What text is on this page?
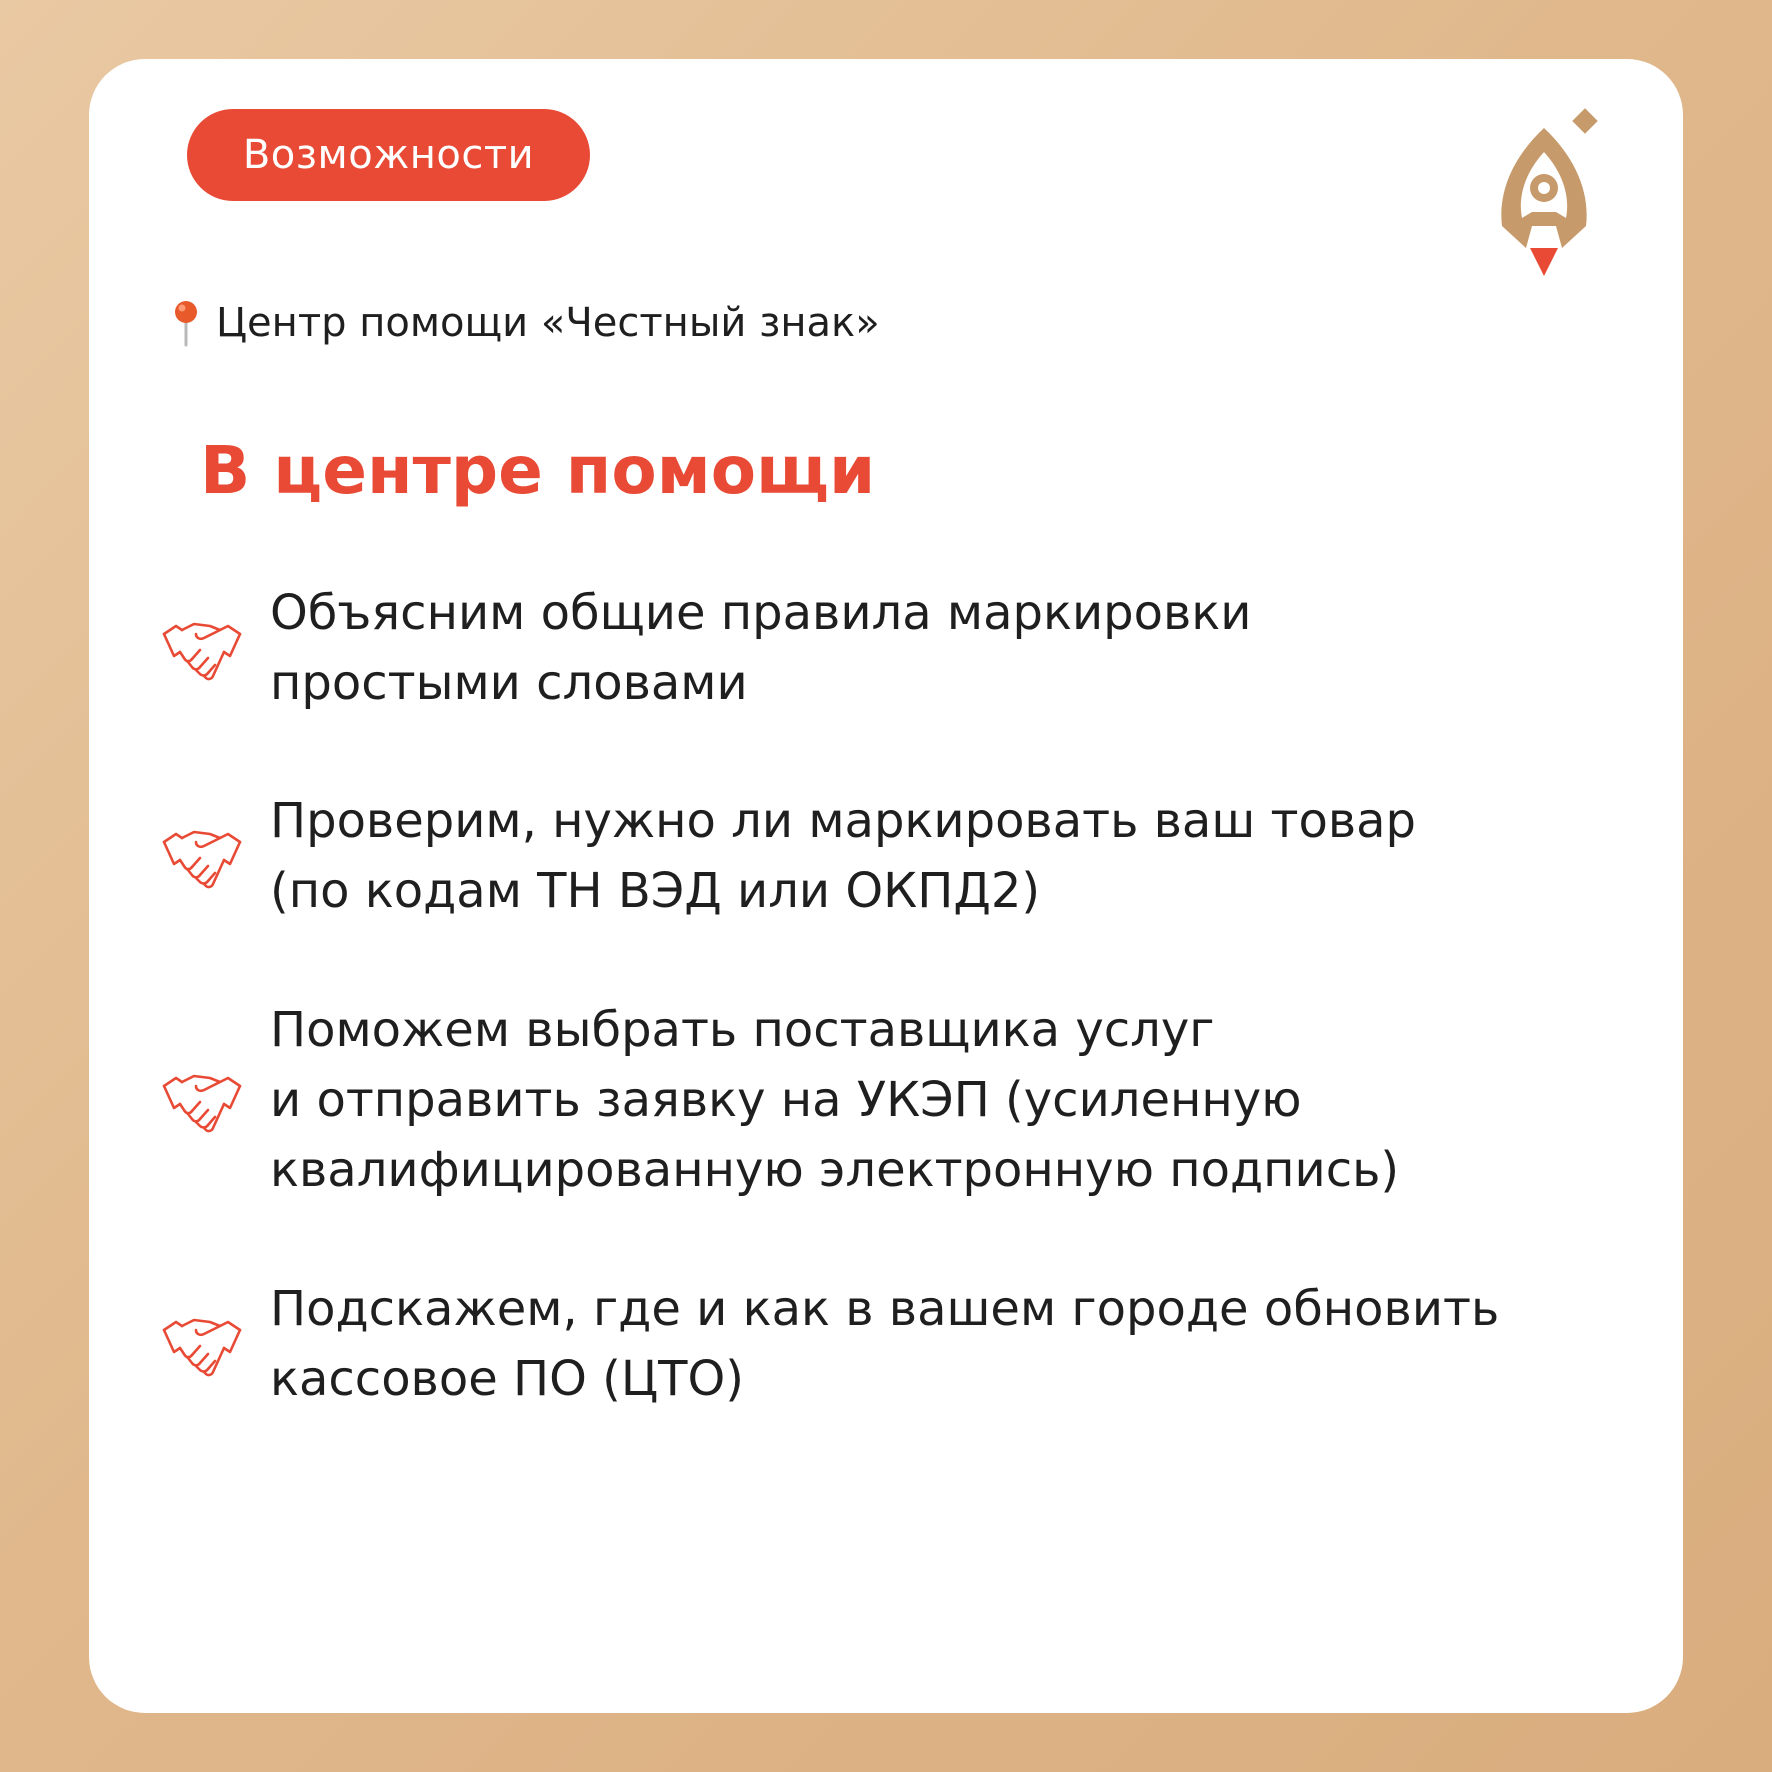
Возможности
Центр помощи «Честный знак»
В центре помощи
Объясним общие правила маркировки
простыми словами
Проверим, нужно ли маркировать ваш товар
(по кодам ТН ВЭД или ОКПД2)
Поможем выбрать поставщика услуг
и отправить заявку на УКЭП (усиленную
квалифицированную электронную подпись)
Подскажем, где и как в вашем городе обновить
кассовое ПО (ЦТО)
